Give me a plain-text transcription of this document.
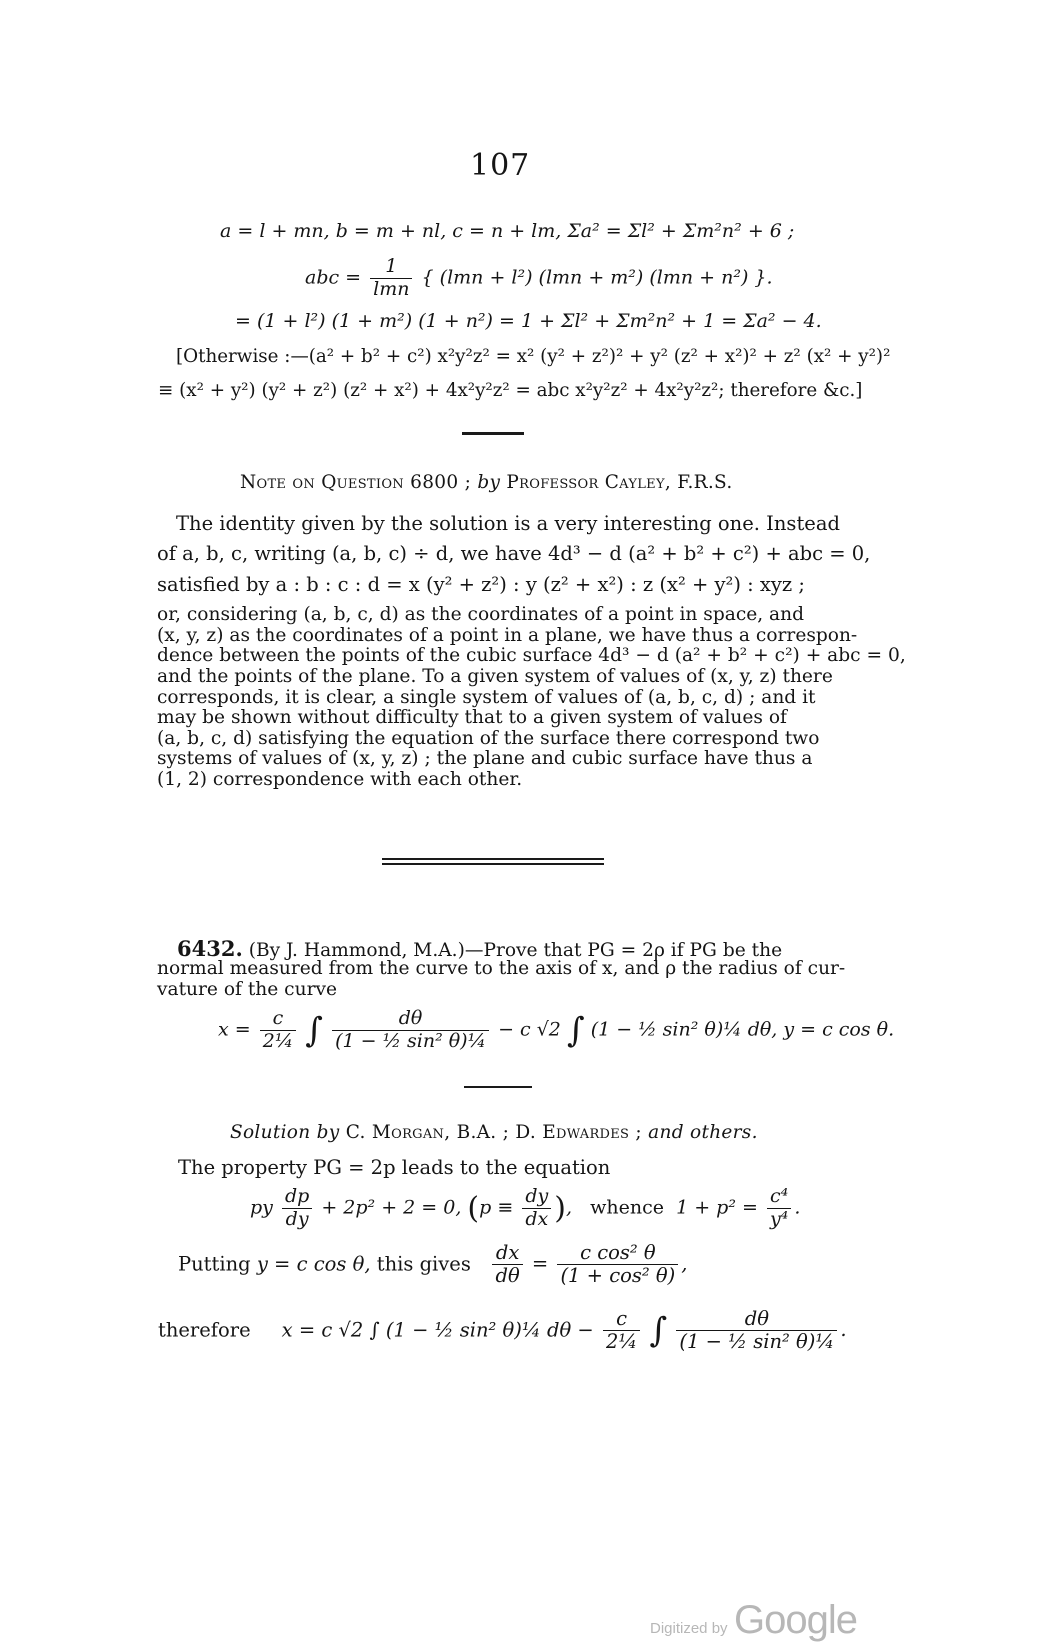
107
a = l + mn, b = m + nl, c = n + lm, Σa² = Σl² + Σm²n² + 6 ;
abc = $\frac{1}{\text{lmn}}$ { (lmn + l²) (lmn + m²) (lmn + n²) }.
= (1 + l²) (1 + m²) (1 + n²) = 1 + Σl² + Σm²n² + 1 = Σa² − 4.
[Otherwise :—(a² + b² + c²) x²y²z² = x² (y² + z²)² + y² (z² + x²)² + z² (x² + y²)²
≡ (x² + y²) (y² + z²) (z² + x²) + 4x²y²z² = abc x²y²z² + 4x²y²z²; therefore &c.]
Note on Question 6800 ; by Professor Cayley, F.R.S.
The identity given by the solution is a very interesting one. Instead
of a, b, c, writing (a, b, c) ÷ d, we have 4d³ − d (a² + b² + c²) + abc = 0,
satisfied by a : b : c : d = x (y² + z²) : y (z² + x²) : z (x² + y²) : xyz ;
or, considering (a, b, c, d) as the coordinates of a point in space, and
(x, y, z) as the coordinates of a point in a plane, we have thus a correspon-
dence between the points of the cubic surface 4d³ − d (a² + b² + c²) + abc = 0,
and the points of the plane. To a given system of values of (x, y, z) there
corresponds, it is clear, a single system of values of (a, b, c, d) ; and it
may be shown without difficulty that to a given system of values of
(a, b, c, d) satisfying the equation of the surface there correspond two
systems of values of (x, y, z) ; the plane and cubic surface have thus a
(1, 2) correspondence with each other.
6432. (By J. Hammond, M.A.)—Prove that PG = 2ρ if PG be the
normal measured from the curve to the axis of x, and ρ the radius of cur-
vature of the curve
$x = \frac{c}{\text{2¼}}$ ∫ $\frac{d\theta}{\text{(1 − ½ sin² θ)¼}} - c$ √2 ∫ (1 − ½ sin² θ)¼ dθ, y = c cos θ.
Solution by C. Morgan, B.A. ; D. Edwardes ; and others.
The property PG = 2p leads to the equation
py $\frac{dp}{dy} + 2p^2 + 2 = 0$, ($p \equiv \frac{dy}{dx}$ ),   whence $1 + p^2 = \frac{\text{c⁴}}{\text{y⁴}}$ .
Putting y = c cos θ, this gives $\frac{dx}{d\theta} = \frac{\text{c cos² θ}}{\text{(1 + cos² θ)}}$ ,
therefore x = c √2 ∫ (1 − ½ sin² θ)¼ $d\theta - \frac{c}{\text{2¼}}$ ∫ $\frac{d\theta}{\text{(1 − ½ sin² θ)¼}}$ .
Digitized by Google
